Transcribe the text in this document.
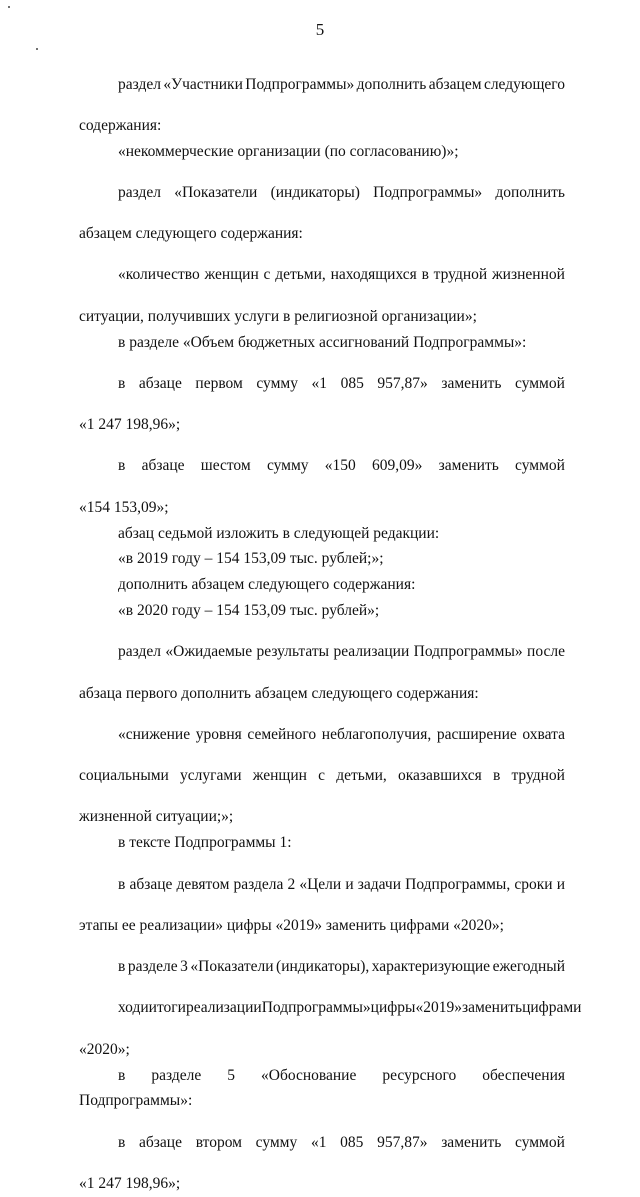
5

раздел «Участники Подпрограммы» дополнить абзацем следующего

содержания:

«некоммерческие организации (по согласованию)»;

раздел «Показатели (индикаторы) Подпрограммы» дополнить

абзацем следующего содержания:

«количество женщин с детьми, находящихся в трудной жизненной

ситуации, получивших услуги в религиозной организации»;

в разделе «Объем бюджетных ассигнований Подпрограммы»:

в абзаце первом сумму «1 085 957,87» заменить суммой

«1 247 198,96»;

в абзаце шестом сумму «150 609,09» заменить суммой

«154 153,09»;

абзац седьмой изложить в следующей редакции:

«в 2019 году – 154 153,09 тыс. рублей;»;

дополнить абзацем следующего содержания:

«в 2020 году – 154 153,09 тыс. рублей»;

раздел «Ожидаемые результаты реализации Подпрограммы» после

абзаца первого дополнить абзацем следующего содержания:

«снижение уровня семейного неблагополучия, расширение охвата

социальными услугами женщин с детьми, оказавшихся в трудной

жизненной ситуации;»;

в тексте Подпрограммы 1:

в абзаце девятом раздела 2 «Цели и задачи Подпрограммы, сроки и

этапы ее реализации» цифры «2019» заменить цифрами «2020»;

в разделе 3 «Показатели (индикаторы), характеризующие ежегодный

ход и итоги реализации Подпрограммы» цифры «2019» заменить цифрами

«2020»;

в разделе 5 «Обоснование ресурсного обеспечения Подпрограммы»:

в абзаце втором сумму «1 085 957,87» заменить суммой

«1 247 198,96»;
